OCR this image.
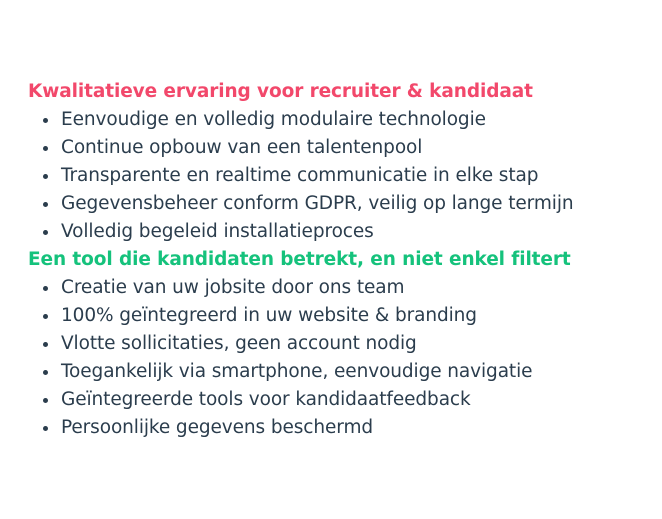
Kwalitatieve ervaring voor recruiter & kandidaat
Eenvoudige en volledig modulaire technologie
Continue opbouw van een talentenpool
Transparente en realtime communicatie in elke stap
Gegevensbeheer conform GDPR, veilig op lange termijn
Volledig begeleid installatieproces
Een tool die kandidaten betrekt, en niet enkel filtert
Creatie van uw jobsite door ons team
100% geïntegreerd in uw website & branding
Vlotte sollicitaties, geen account nodig
Toegankelijk via smartphone, eenvoudige navigatie
Geïntegreerde tools voor kandidaatfeedback
Persoonlijke gegevens beschermd
